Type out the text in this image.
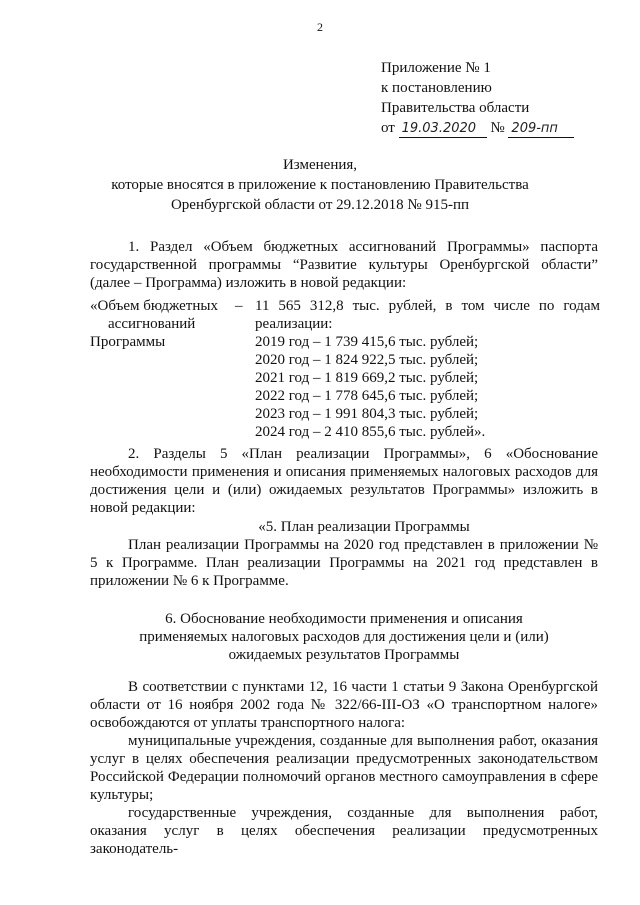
2
Приложение № 1
к постановлению
Правительства области
от 19.03.2020 № 209-пп
Изменения,
которые вносятся в приложение к постановлению Правительства
Оренбургской области от 29.12.2018 № 915-пп

1. Раздел «Объем бюджетных ассигнований Программы» паспорта государственной программы “Развитие культуры Оренбургской области” (далее – Программа) изложить в новой редакции:

«Объем бюджетных
ассигнований
Программы
	–	11 565 312,8 тыс. рублей, в том числе по годам реализации:
2019 год – 1 739 415,6 тыс. рублей;
2020 год – 1 824 922,5 тыс. рублей;
2021 год – 1 819 669,2 тыс. рублей;
2022 год – 1 778 645,6 тыс. рублей;
2023 год – 1 991 804,3 тыс. рублей;
2024 год – 2 410 855,6 тыс. рублей».

2. Разделы 5 «План реализации Программы», 6 «Обоснование необходимости применения и описания применяемых налоговых расходов для достижения цели и (или) ожидаемых результатов Программы» изложить в новой редакции:

«5. План реализации Программы

План реализации Программы на 2020 год представлен в приложении № 5 к Программе. План реализации Программы на 2021 год представлен в приложении № 6 к Программе.

6. Обоснование необходимости применения и описания
применяемых налоговых расходов для достижения цели и (или)
ожидаемых результатов Программы

В соответствии с пунктами 12, 16 части 1 статьи 9 Закона Оренбургской области от 16 ноября 2002 года № 322/66-III-ОЗ «О транспортном налоге» освобождаются от уплаты транспортного налога:

муниципальные учреждения, созданные для выполнения работ, оказания услуг в целях обеспечения реализации предусмотренных законодательством Российской Федерации полномочий органов местного самоуправления в сфере культуры;

государственные учреждения, созданные для выполнения работ, оказания услуг в целях обеспечения реализации предусмотренных законодатель-
